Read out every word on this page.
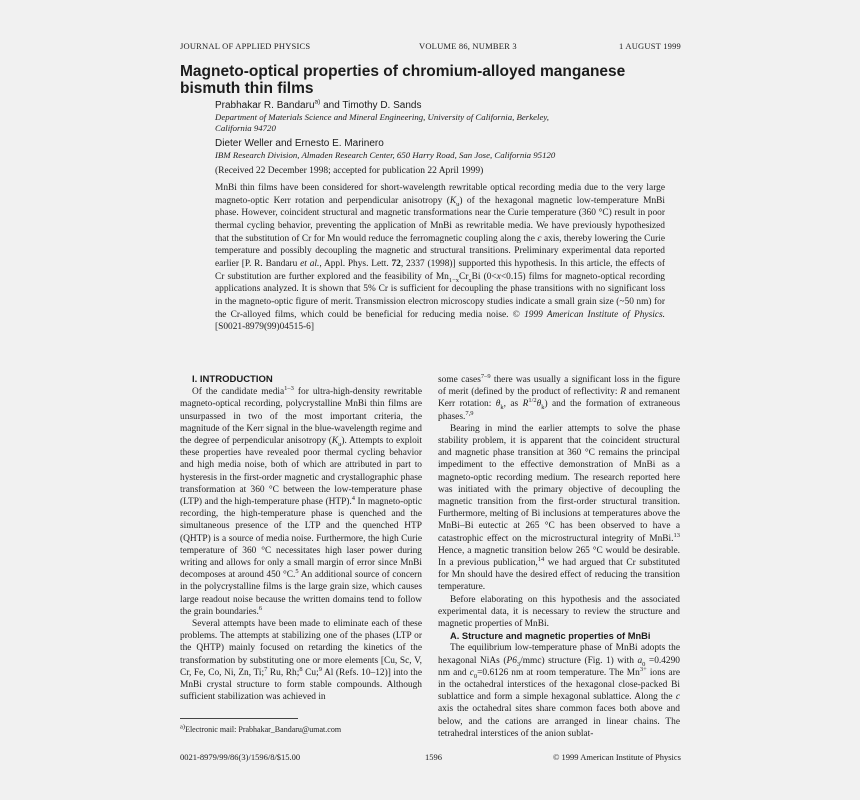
JOURNAL OF APPLIED PHYSICS	VOLUME 86, NUMBER 3	1 AUGUST 1999
Magneto-optical properties of chromium-alloyed manganese bismuth thin films

Prabhakar R. Bandaru$^{a)}$ and Timothy D. Sands

Department of Materials Science and Mineral Engineering, University of California, Berkeley,

California 94720

Dieter Weller and Ernesto E. Marinero

IBM Research Division, Almaden Research Center, 650 Harry Road, San Jose, California 95120

(Received 22 December 1998; accepted for publication 22 April 1999)

MnBi thin films have been considered for short-wavelength rewritable optical recording media due to the very large magneto-optic Kerr rotation and perpendicular anisotropy $(K_u)$ of the hexagonal magnetic low-temperature MnBi phase. However, coincident structural and magnetic transformations near the Curie temperature (360 °C) result in poor thermal cycling behavior, preventing the application of MnBi as rewritable media. We have previously hypothesized that the substitution of Cr for Mn would reduce the ferromagnetic coupling along the c axis, thereby lowering the Curie temperature and possibly decoupling the magnetic and structural transitions. Preliminary experimental data reported earlier [P. R. Bandaru et al., Appl. Phys. Lett. 72, 2337 (1998)] supported this hypothesis. In this article, the effects of Cr substitution are further explored and the feasibility of $Mn_{1-x}Cr_xBi$ (0<x<0.15) films for magneto-optical recording applications analyzed. It is shown that 5% Cr is sufficient for decoupling the phase transitions with no significant loss in the magneto-optic figure of merit. Transmission electron microscopy studies indicate a small grain size (~50 nm) for the Cr-alloyed films, which could be beneficial for reducing media noise. © 1999 American Institute of Physics. [S0021-8979(99)04515-6]

I. INTRODUCTION

Of the candidate media$^{1-3}$ for ultra-high-density rewritable magneto-optical recording, polycrystalline MnBi thin films are unsurpassed in two of the most important criteria, the magnitude of the Kerr signal in the blue-wavelength regime and the degree of perpendicular anisotropy $(K_u)$. Attempts to exploit these properties have revealed poor thermal cycling behavior and high media noise, both of which are attributed in part to hysteresis in the first-order magnetic and crystallographic phase transformation at 360 °C between the low-temperature phase (LTP) and the high-temperature phase (HTP).$^4$ In magneto-optic recording, the high-temperature phase is quenched and the simultaneous presence of the LTP and the quenched HTP (QHTP) is a source of media noise. Furthermore, the high Curie temperature of 360 °C necessitates high laser power during writing and allows for only a small margin of error since MnBi decomposes at around 450 °C.$^5$ An additional source of concern in the polycrystalline films is the large grain size, which causes large readout noise because the written domains tend to follow the grain boundaries.$^6$

Several attempts have been made to eliminate each of these problems. The attempts at stabilizing one of the phases (LTP or the QHTP) mainly focused on retarding the kinetics of the transformation by substituting one or more elements [Cu, Sc, V, Cr, Fe, Co, Ni, Zn, Ti;$^7$ Ru, Rh;$^8$ Cu;$^9$ Al (Refs. 10–12)] into the MnBi crystal structure to form stable compounds. Although sufficient stabilization was achieved in

some cases$^{7-9}$ there was usually a significant loss in the figure of merit (defined by the product of reflectivity: R and remanent Kerr rotation: $\theta_k$, as $R^{1/2}\theta_k$) and the formation of extraneous phases.$^{7,9}$

Bearing in mind the earlier attempts to solve the phase stability problem, it is apparent that the coincident structural and magnetic phase transition at 360 °C remains the principal impediment to the effective demonstration of MnBi as a magneto-optic recording medium. The research reported here was initiated with the primary objective of decoupling the magnetic transition from the first-order structural transition. Furthermore, melting of Bi inclusions at temperatures above the MnBi–Bi eutectic at 265 °C has been observed to have a catastrophic effect on the microstructural integrity of MnBi.$^{13}$ Hence, a magnetic transition below 265 °C would be desirable. In a previous publication,$^{14}$ we had argued that Cr substituted for Mn should have the desired effect of reducing the transition temperature.

Before elaborating on this hypothesis and the associated experimental data, it is necessary to review the structure and magnetic properties of MnBi.

A. Structure and magnetic properties of MnBi

The equilibrium low-temperature phase of MnBi adopts the hexagonal NiAs $(P6_3/mmc)$ structure (Fig. 1) with $a_0 =0.4290$ nm and $c_0=0.6126$ nm at room temperature. The $Mn^{3+}$ ions are in the octahedral interstices of the hexagonal close-packed Bi sublattice and form a simple hexagonal sublattice. Along the c axis the octahedral sites share common faces both above and below, and the cations are arranged in linear chains. The tetrahedral interstices of the anion sublat-

$^{a)}$Electronic mail: Prabhakar_Bandaru@umat.com
0021-8979/99/86(3)/1596/8/$15.00	1596	© 1999 American Institute of Physics
